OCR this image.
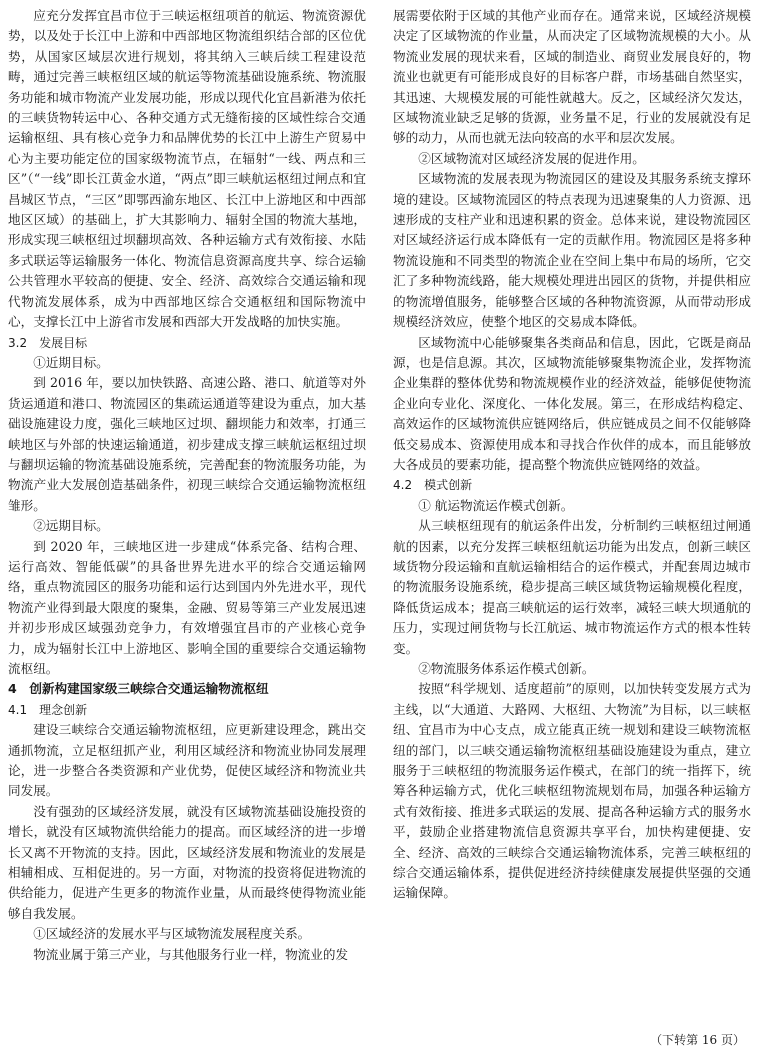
应充分发挥宜昌市位于三峡运枢纽项首的航运、物流资源优势，以及处于长江中上游和中西部地区物流组织结合部的区位优势，从国家区域层次进行规划，将其纳入三峡后续工程建设范畴，通过完善三峡枢纽区域的航运等物流基础设施系统、物流服务功能和城市物流产业发展功能，形成以现代化宜昌新港为依托的三峡货物转运中心、各种交通方式无缝衔接的区域性综合交通运输枢纽、具有核心竞争力和品牌优势的长江中上游生产贸易中心为主要功能定位的国家级物流节点，在辐射“一线、两点和三区”（“一线”即长江黄金水道，“两点”即三峡航运枢纽过闸点和宜昌城区节点，“三区”即鄂西渝东地区、长江中上游地区和中西部地区区域）的基础上，扩大其影响力、辐射全国的物流大基地，形成实现三峡枢纽过坝翻坝高效、各种运输方式有效衔接、水陆多式联运等运输服务一体化、物流信息资源高度共享、综合运输公共管理水平较高的便捷、安全、经济、高效综合交通运输和现代物流发展体系，成为中西部地区综合交通枢纽和国际物流中心，支撑长江中上游省市发展和西部大开发战略的加快实施。

3.2　发展目标

①近期目标。

到 2016 年，要以加快铁路、高速公路、港口、航道等对外货运通道和港口、物流园区的集疏运通道等建设为重点，加大基础设施建设力度，强化三峡地区过坝、翻坝能力和效率，打通三峡地区与外部的快速运输通道，初步建成支撑三峡航运枢纽过坝与翻坝运输的物流基础设施系统，完善配套的物流服务功能，为物流产业大发展创造基础条件，初现三峡综合交通运输物流枢纽雏形。

②远期目标。

到 2020 年，三峡地区进一步建成“体系完备、结构合理、运行高效、智能低碳”的具备世界先进水平的综合交通运输网络，重点物流园区的服务功能和运行达到国内外先进水平，现代物流产业得到最大限度的聚集，金融、贸易等第三产业发展迅速并初步形成区域强劲竞争力，有效增强宜昌市的产业核心竞争力，成为辐射长江中上游地区、影响全国的重要综合交通运输物流枢纽。

4　创新构建国家级三峡综合交通运输物流枢纽

4.1　理念创新

建设三峡综合交通运输物流枢纽，应更新建设理念，跳出交通抓物流，立足枢纽抓产业，利用区域经济和物流业协同发展理论，进一步整合各类资源和产业优势，促使区域经济和物流业共同发展。

没有强劲的区域经济发展，就没有区域物流基础设施投资的增长，就没有区域物流供给能力的提高。而区域经济的进一步增长又离不开物流的支持。因此，区域经济发展和物流业的发展是相辅相成、互相促进的。另一方面，对物流的投资将促进物流的供给能力，促进产生更多的物流作业量，从而最终使得物流业能够自我发展。

①区域经济的发展水平与区域物流发展程度关系。

物流业属于第三产业，与其他服务行业一样，物流业的发

展需要依附于区域的其他产业而存在。通常来说，区域经济规模决定了区域物流的作业量，从而决定了区域物流规模的大小。从物流业发展的现状来看，区域的制造业、商贸业发展良好的，物流业也就更有可能形成良好的目标客户群，市场基础自然坚实，其迅速、大规模发展的可能性就越大。反之，区域经济欠发达，区域物流业缺乏足够的货源，业务量不足，行业的发展就没有足够的动力，从而也就无法向较高的水平和层次发展。

②区域物流对区域经济发展的促进作用。

区域物流的发展表现为物流园区的建设及其服务系统支撑环境的建设。区域物流园区的特点表现为迅速聚集的人力资源、迅速形成的支柱产业和迅速积累的资金。总体来说，建设物流园区对区域经济运行成本降低有一定的贡献作用。物流园区是将多种物流设施和不同类型的物流企业在空间上集中布局的场所，它交汇了多种物流线路，能大规模处理进出园区的货物，并提供相应的物流增值服务，能够整合区域的各种物流资源，从而带动形成规模经济效应，使整个地区的交易成本降低。

区域物流中心能够聚集各类商品和信息，因此，它既是商品源，也是信息源。其次，区域物流能够聚集物流企业，发挥物流企业集群的整体优势和物流规模作业的经济效益，能够促使物流企业向专业化、深度化、一体化发展。第三，在形成结构稳定、高效运作的区域物流供应链网络后，供应链成员之间不仅能够降低交易成本、资源使用成本和寻找合作伙伴的成本，而且能够放大各成员的要素功能，提高整个物流供应链网络的效益。

4.2　模式创新

① 航运物流运作模式创新。

从三峡枢纽现有的航运条件出发，分析制约三峡枢纽过闸通航的因素，以充分发挥三峡枢纽航运功能为出发点，创新三峡区域货物分段运输和直航运输相结合的运作模式，并配套周边城市的物流服务设施系统，稳步提高三峡区域货物运输规模化程度，降低货运成本；提高三峡航运的运行效率，减轻三峡大坝通航的压力，实现过闸货物与长江航运、城市物流运作方式的根本性转变。

②物流服务体系运作模式创新。

按照“科学规划、适度超前”的原则，以加快转变发展方式为主线，以“大通道、大路网、大枢纽、大物流”为目标，以三峡枢纽、宜昌市为中心支点，成立能真正统一规划和建设三峡物流枢纽的部门，以三峡交通运输物流枢纽基础设施建设为重点，建立服务于三峡枢纽的物流服务运作模式，在部门的统一指挥下，统筹各种运输方式，优化三峡枢纽物流规划布局，加强各种运输方式有效衔接、推进多式联运的发展、提高各种运输方式的服务水平，鼓励企业搭建物流信息资源共享平台，加快构建便捷、安全、经济、高效的三峡综合交通运输物流体系，完善三峡枢纽的综合交通运输体系，提供促进经济持续健康发展提供坚强的交通运输保障。

（下转第 16 页）
